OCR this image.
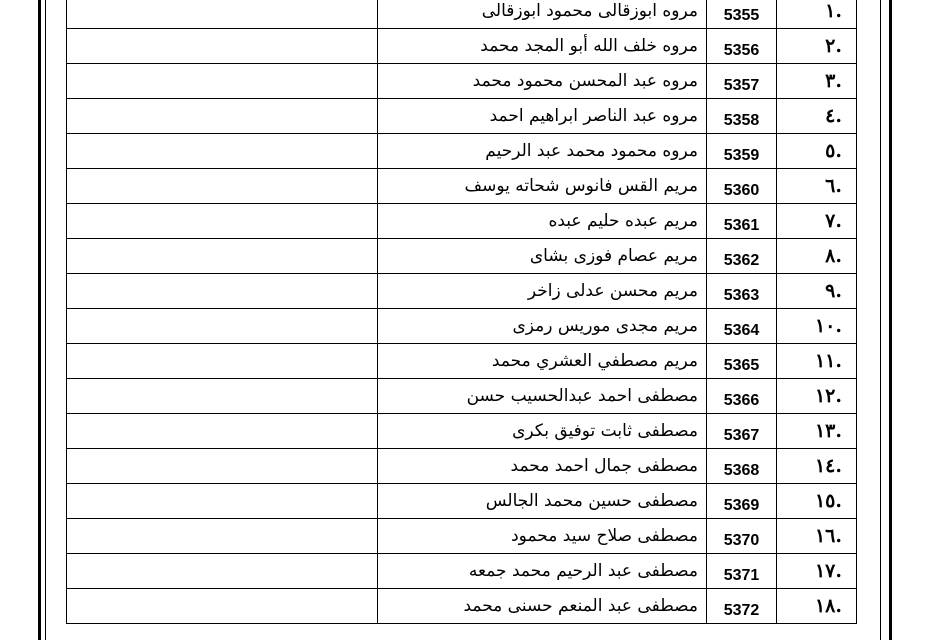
.١	5355	مروه ابوزقالى محمود ابوزقالى	
.٢	5356	مروه خلف الله أبو المجد محمد	
.٣	5357	مروه عبد المحسن محمود محمد	
.٤	5358	مروه عبد الناصر ابراهيم احمد	
.٥	5359	مروه محمود محمد عبد الرحيم	
.٦	5360	مريم القس فانوس شحاته يوسف	
.٧	5361	مريم عبده حليم عبده	
.٨	5362	مريم عصام فوزى بشاى	
.٩	5363	مريم محسن عدلى زاخر	
.١٠	5364	مريم مجدى موريس رمزى	
.١١	5365	مريم مصطفي العشري محمد	
.١٢	5366	مصطفى احمد عبدالحسيب حسن	
.١٣	5367	مصطفى ثابت توفيق بكرى	
.١٤	5368	مصطفى جمال احمد محمد	
.١٥	5369	مصطفى حسين محمد الجالس	
.١٦	5370	مصطفى صلاح سيد محمود	
.١٧	5371	مصطفى عبد الرحيم محمد جمعه	
.١٨	5372	مصطفى عبد المنعم حسنى محمد	
